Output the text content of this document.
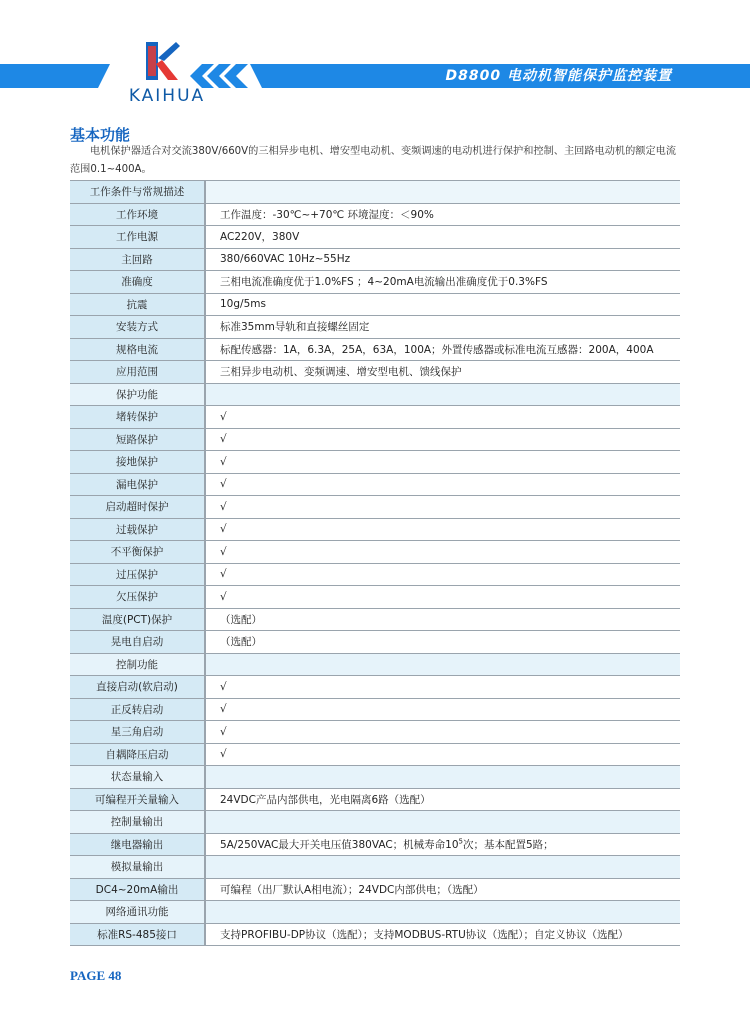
KAIHUA
D8800 电动机智能保护监控装置
基本功能
电机保护器适合对交流380V/660V的三相异步电机、增安型电动机、变频调速的电动机进行保护和控制、主回路电动机的额定电流范围0.1~400A。
工作条件与常规描述	
工作环境	工作温度：-30℃~+70℃ 环境湿度：＜90%
工作电源	AC220V，380V
主回路	380/660VAC 10Hz~55Hz
准确度	三相电流准确度优于1.0%FS ；4~20mA电流输出准确度优于0.3%FS
抗震	10g/5ms
安装方式	标准35mm导轨和直接螺丝固定
规格电流	标配传感器：1A，6.3A，25A，63A，100A；外置传感器或标准电流互感器：200A，400A
应用范围	三相异步电动机、变频调速、增安型电机、馈线保护
保护功能	
堵转保护	√
短路保护	√
接地保护	√
漏电保护	√
启动超时保护	√
过载保护	√
不平衡保护	√
过压保护	√
欠压保护	√
温度(PCT)保护	（选配）
晃电自启动	（选配）
控制功能	
直接启动(软启动)	√
正反转启动	√
星三角启动	√
自耦降压启动	√
状态量输入	
可编程开关量输入	24VDC产品内部供电，光电隔离6路（选配）
控制量输出	
继电器输出	5A/250VAC最大开关电压值380VAC；机械寿命$10^5$次；基本配置5路；
模拟量输出	
DC4~20mA输出	可编程（出厂默认A相电流）；24VDC内部供电；（选配）
网络通讯功能	
标准RS-485接口	支持PROFIBU-DP协议（选配）；支持MODBUS-RTU协议（选配）；自定义协议（选配）
PAGE 48
